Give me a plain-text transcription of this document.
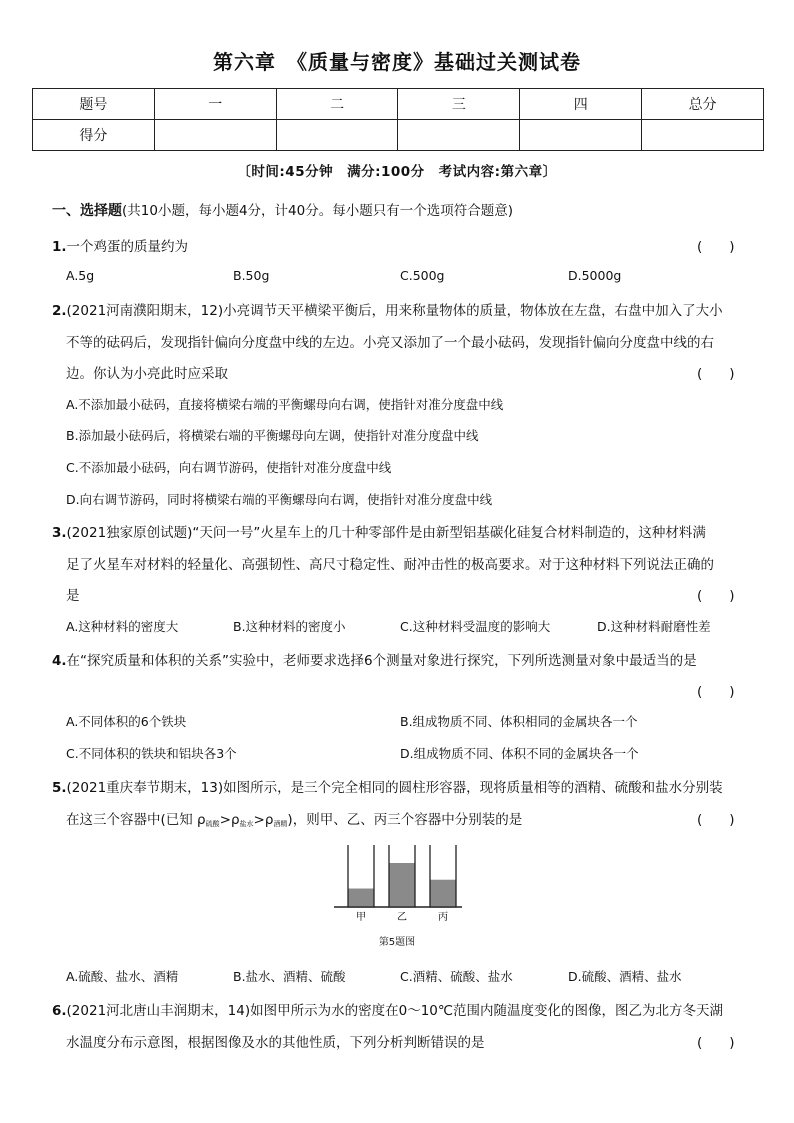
第六章　《质量与密度》基础过关测试卷
题号	一	二	三	四	总分
得分					
〔时间:45分钟　满分:100分　考试内容:第六章〕
一、选择题(共10小题，每小题4分，计40分。每小题只有一个选项符合题意)
1.一个鸡蛋的质量约为	(　　)
A.5g	B.50g	C.500g	D.5000g
2.(2021河南濮阳期末，12)小亮调节天平横梁平衡后，用来称量物体的质量，物体放在左盘，右盘中加入了大小
不等的砝码后，发现指针偏向分度盘中线的左边。小亮又添加了一个最小砝码，发现指针偏向分度盘中线的右
边。你认为小亮此时应采取	(　　)
A.不添加最小砝码，直接将横梁右端的平衡螺母向右调，使指针对准分度盘中线
B.添加最小砝码后，将横梁右端的平衡螺母向左调，使指针对准分度盘中线
C.不添加最小砝码，向右调节游码，使指针对准分度盘中线
D.向右调节游码，同时将横梁右端的平衡螺母向右调，使指针对准分度盘中线
3.(2021独家原创试题)“天问一号”火星车上的几十种零部件是由新型铝基碳化硅复合材料制造的，这种材料满
足了火星车对材料的轻量化、高强韧性、高尺寸稳定性、耐冲击性的极高要求。对于这种材料下列说法正确的
是	(　　)
A.这种材料的密度大	B.这种材料的密度小	C.这种材料受温度的影响大	D.这种材料耐磨性差
4.在“探究质量和体积的关系”实验中，老师要求选择6个测量对象进行探究，下列所选测量对象中最适当的是
(　　)
A.不同体积的6个铁块	B.组成物质不同、体积相同的金属块各一个
C.不同体积的铁块和铝块各3个	D.组成物质不同、体积不同的金属块各一个
5.(2021重庆奉节期末，13)如图所示，是三个完全相同的圆柱形容器，现将质量相等的酒精、硫酸和盐水分别装
在这三个容器中(已知 $\rho_{硫酸}>\rho_{盐水}>\rho_{酒精}$)，则甲、乙、丙三个容器中分别装的是	(　　)
甲	乙	丙
第5题图
A.硫酸、盐水、酒精	B.盐水、酒精、硫酸	C.酒精、硫酸、盐水	D.硫酸、酒精、盐水
6.(2021河北唐山丰润期末，14)如图甲所示为水的密度在0～10℃范围内随温度变化的图像，图乙为北方冬天湖
水温度分布示意图，根据图像及水的其他性质，下列分析判断错误的是	(　　)
